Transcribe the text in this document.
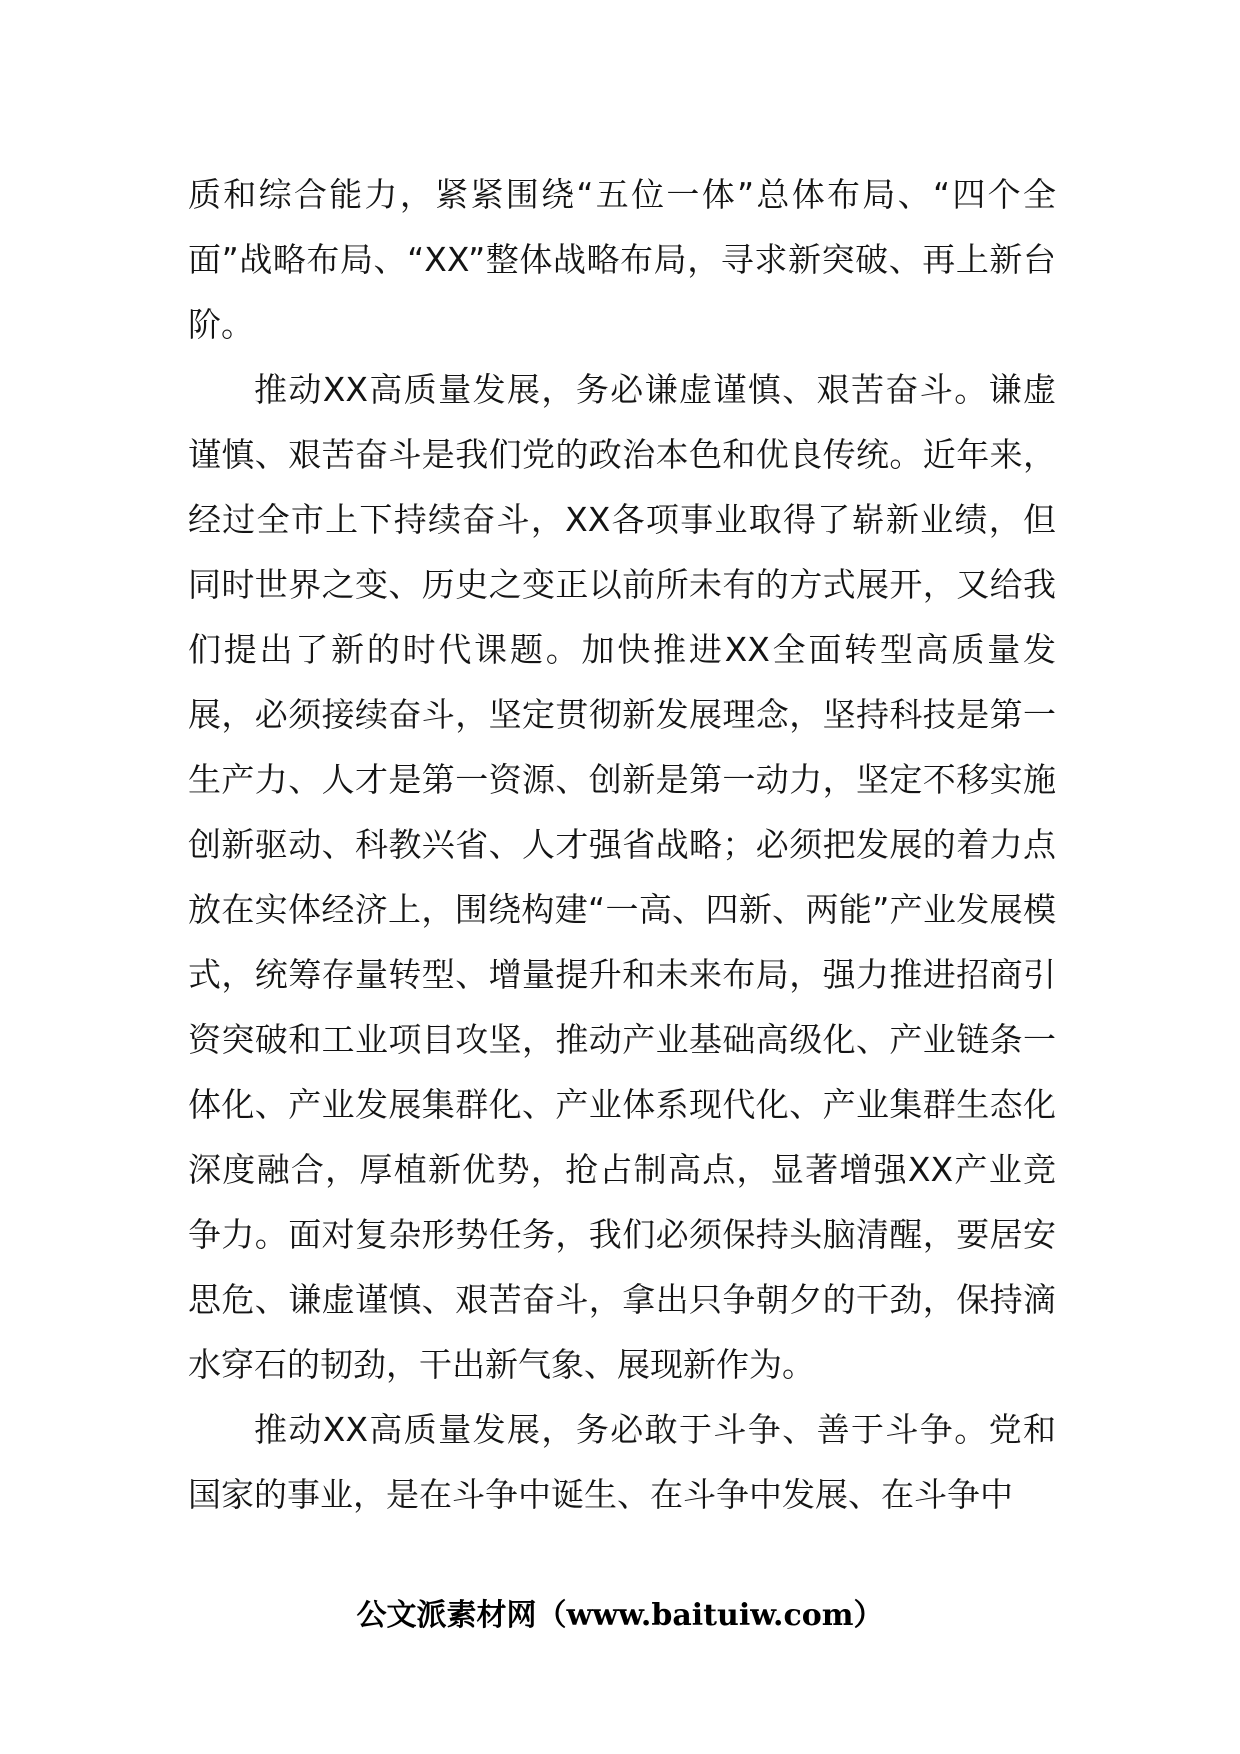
质和综合能力，紧紧围绕“五位一体”总体布局、“四个全面”战略布局、“XX”整体战略布局，寻求新突破、再上新台阶。

推动XX高质量发展，务必谦虚谨慎、艰苦奋斗。谦虚谨慎、艰苦奋斗是我们党的政治本色和优良传统。近年来，经过全市上下持续奋斗，XX各项事业取得了崭新业绩，但同时世界之变、历史之变正以前所未有的方式展开，又给我们提出了新的时代课题。加快推进XX全面转型高质量发展，必须接续奋斗，坚定贯彻新发展理念，坚持科技是第一生产力、人才是第一资源、创新是第一动力，坚定不移实施创新驱动、科教兴省、人才强省战略；必须把发展的着力点放在实体经济上，围绕构建“一高、四新、两能”产业发展模式，统筹存量转型、增量提升和未来布局，强力推进招商引资突破和工业项目攻坚，推动产业基础高级化、产业链条一体化、产业发展集群化、产业体系现代化、产业集群生态化深度融合，厚植新优势，抢占制高点，显著增强XX产业竞争力。面对复杂形势任务，我们必须保持头脑清醒，要居安思危、谦虚谨慎、艰苦奋斗，拿出只争朝夕的干劲，保持滴水穿石的韧劲，干出新气象、展现新作为。

推动XX高质量发展，务必敢于斗争、善于斗争。党和国家的事业，是在斗争中诞生、在斗争中发展、在斗争中

公文派素材网（www.baituiw.com）
